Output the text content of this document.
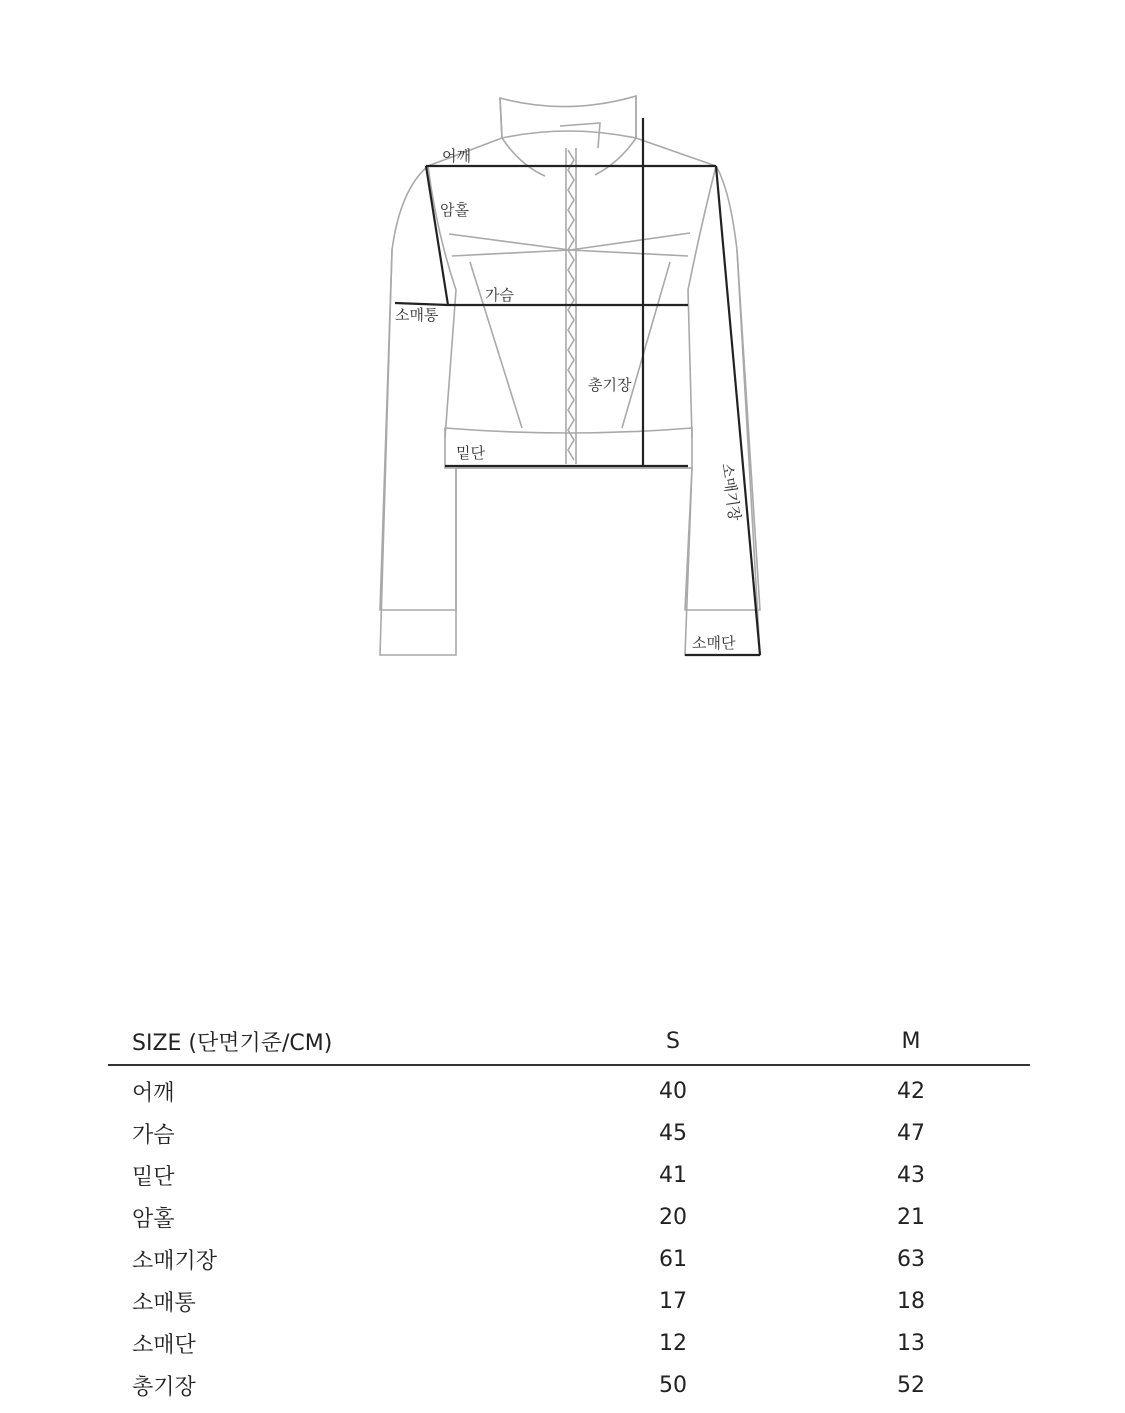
어깨
암홀
가슴
소매통
총기장
밑단
소매기장
소매단
SIZE (단면기준/CM)	S	M
어깨	40	42
가슴	45	47
밑단	41	43
암홀	20	21
소매기장	61	63
소매통	17	18
소매단	12	13
총기장	50	52
